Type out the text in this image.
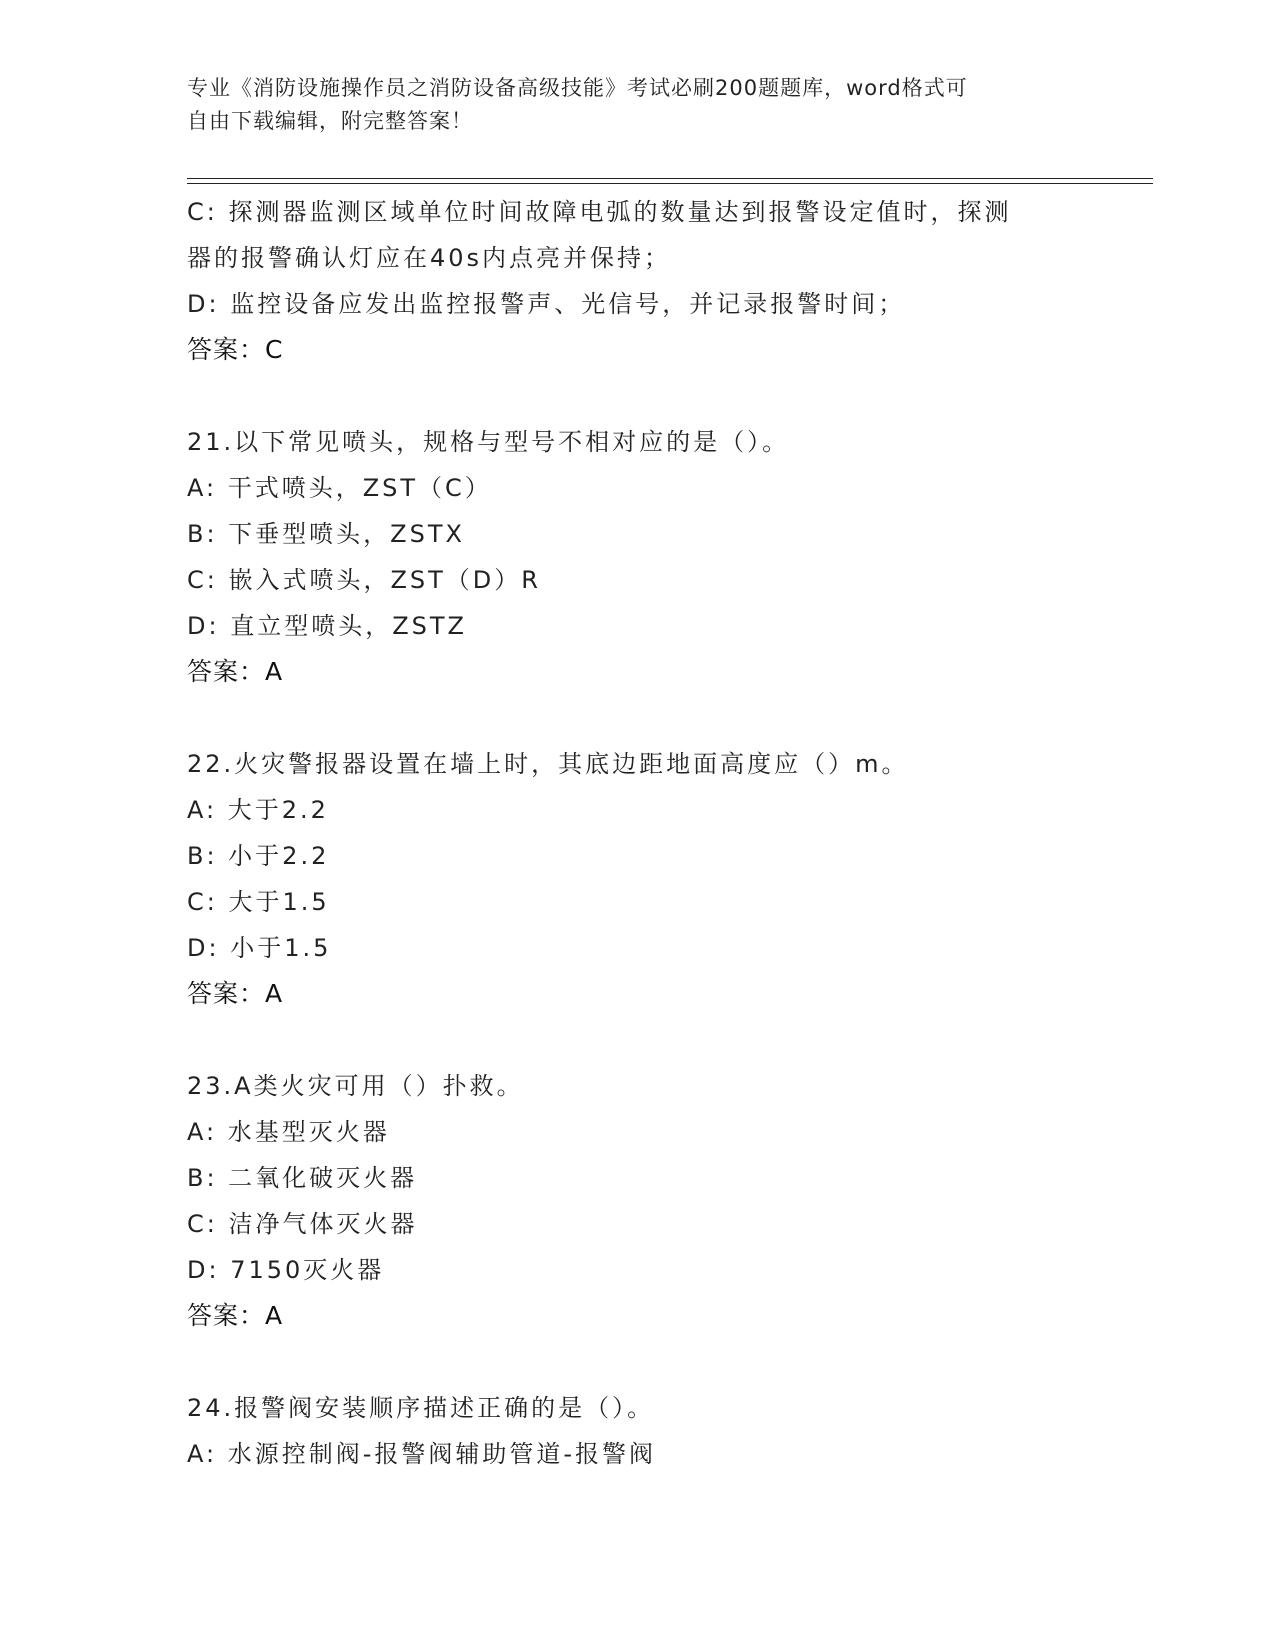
专业《消防设施操作员之消防设备高级技能》考试必刷200题题库，word格式可
自由下载编辑，附完整答案！
C: 探测器监测区域单位时间故障电弧的数量达到报警设定值时，探测
器的报警确认灯应在40s内点亮并保持；
D: 监控设备应发出监控报警声、光信号，并记录报警时间；
答案：C
21.以下常见喷头，规格与型号不相对应的是（）。
A: 干式喷头，ZST（C）
B: 下垂型喷头，ZSTX
C: 嵌入式喷头，ZST（D）R
D: 直立型喷头，ZSTZ
答案：A
22.火灾警报器设置在墙上时，其底边距地面高度应（）m。
A: 大于2.2
B: 小于2.2
C: 大于1.5
D: 小于1.5
答案：A
23.A类火灾可用（）扑救。
A: 水基型灭火器
B: 二氧化破灭火器
C: 洁净气体灭火器
D: 7150灭火器
答案：A
24.报警阀安装顺序描述正确的是（）。
A: 水源控制阀-报警阀辅助管道-报警阀
